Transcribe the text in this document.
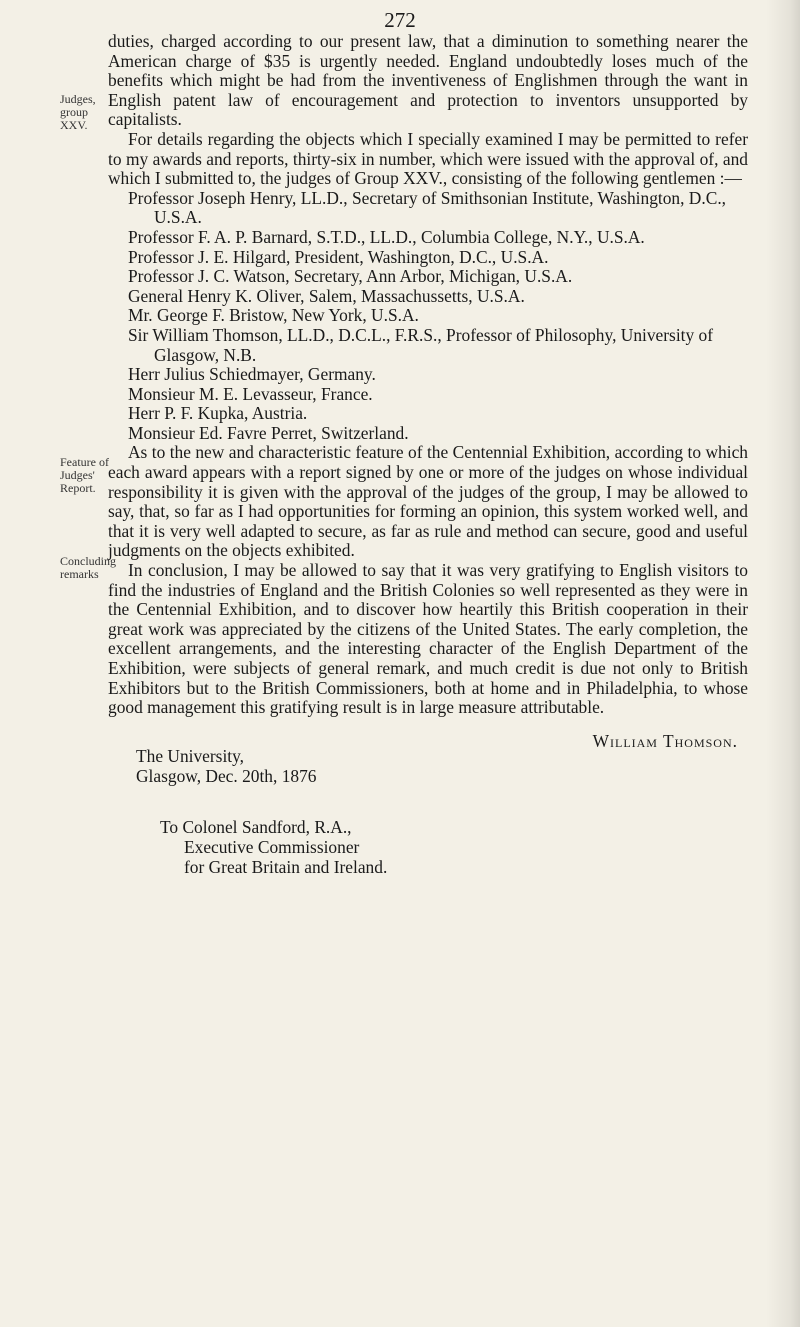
272
Judges, group XXV.
Feature of Judges' Report.
Concluding remarks

duties, charged according to our present law, that a diminution to something nearer the American charge of $35 is urgently needed. England undoubtedly loses much of the benefits which might be had from the inventiveness of Englishmen through the want in English patent law of encouragement and protection to inventors unsupported by capitalists.

For details regarding the objects which I specially examined I may be permitted to refer to my awards and reports, thirty-six in number, which were issued with the approval of, and which I submitted to, the judges of Group XXV., consisting of the following gentlemen :—

Professor Joseph Henry, LL.D., Secretary of Smithsonian Institute, Washington, D.C., U.S.A.
Professor F. A. P. Barnard, S.T.D., LL.D., Columbia College, N.Y., U.S.A.
Professor J. E. Hilgard, President, Washington, D.C., U.S.A.
Professor J. C. Watson, Secretary, Ann Arbor, Michigan, U.S.A.
General Henry K. Oliver, Salem, Massachussetts, U.S.A.
Mr. George F. Bristow, New York, U.S.A.
Sir William Thomson, LL.D., D.C.L., F.R.S., Professor of Philosophy, University of Glasgow, N.B.
Herr Julius Schiedmayer, Germany.
Monsieur M. E. Levasseur, France.
Herr P. F. Kupka, Austria.
Monsieur Ed. Favre Perret, Switzerland.

As to the new and characteristic feature of the Centennial Exhibition, according to which each award appears with a report signed by one or more of the judges on whose individual responsibility it is given with the approval of the judges of the group, I may be allowed to say, that, so far as I had opportunities for forming an opinion, this system worked well, and that it is very well adapted to secure, as far as rule and method can secure, good and useful judgments on the objects exhibited.

In conclusion, I may be allowed to say that it was very gratifying to English visitors to find the industries of England and the British Colonies so well represented as they were in the Centennial Exhibition, and to discover how heartily this British cooperation in their great work was appreciated by the citizens of the United States. The early completion, the excellent arrangements, and the interesting character of the English Department of the Exhibition, were subjects of general remark, and much credit is due not only to British Exhibitors but to the British Commissioners, both at home and in Philadelphia, to whose good management this gratifying result is in large measure attributable.

William Thomson.
The University,
Glasgow, Dec. 20th, 1876
To Colonel Sandford, R.A.,
Executive Commissioner
for Great Britain and Ireland.
